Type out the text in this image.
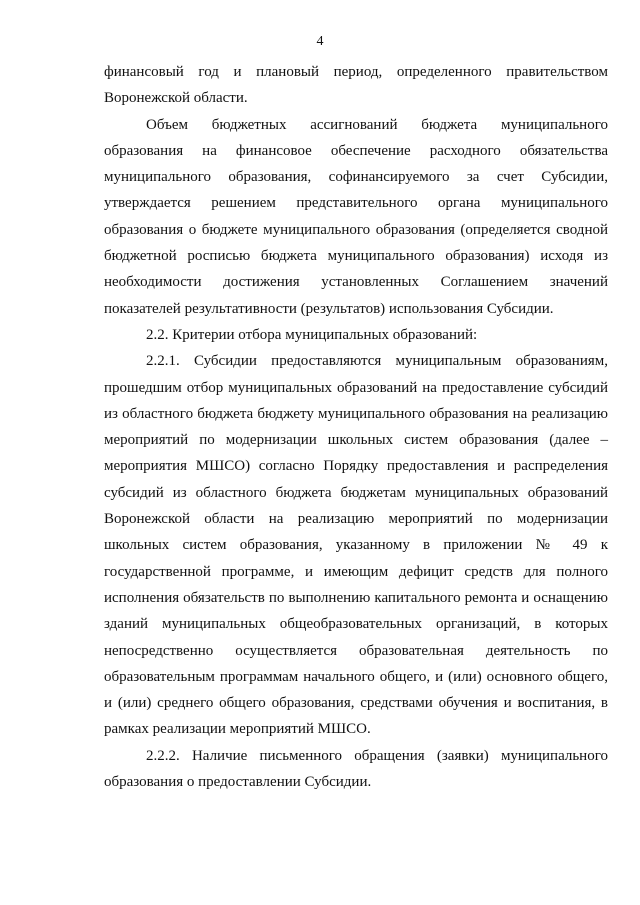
4

финансовый год и плановый период, определенного правительством Воронежской области.

Объем бюджетных ассигнований бюджета муниципального образования на финансовое обеспечение расходного обязательства муниципального образования, софинансируемого за счет Субсидии, утверждается решением представительного органа муниципального образования о бюджете муниципального образования (определяется сводной бюджетной росписью бюджета муниципального образования) исходя из необходимости достижения установленных Соглашением значений показателей результативности (результатов) использования Субсидии.

2.2. Критерии отбора муниципальных образований:

2.2.1. Субсидии предоставляются муниципальным образованиям, прошедшим отбор муниципальных образований на предоставление субсидий из областного бюджета бюджету муниципального образования на реализацию мероприятий по модернизации школьных систем образования (далее – мероприятия МШСО) согласно Порядку предоставления и распределения субсидий из областного бюджета бюджетам муниципальных образований Воронежской области на реализацию мероприятий по модернизации школьных систем образования, указанному в приложении № 49 к государственной программе, и имеющим дефицит средств для полного исполнения обязательств по выполнению капитального ремонта и оснащению зданий муниципальных общеобразовательных организаций, в которых непосредственно осуществляется образовательная деятельность по образовательным программам начального общего, и (или) основного общего, и (или) среднего общего образования, средствами обучения и воспитания, в рамках реализации мероприятий МШСО.

2.2.2. Наличие письменного обращения (заявки) муниципального образования о предоставлении Субсидии.
